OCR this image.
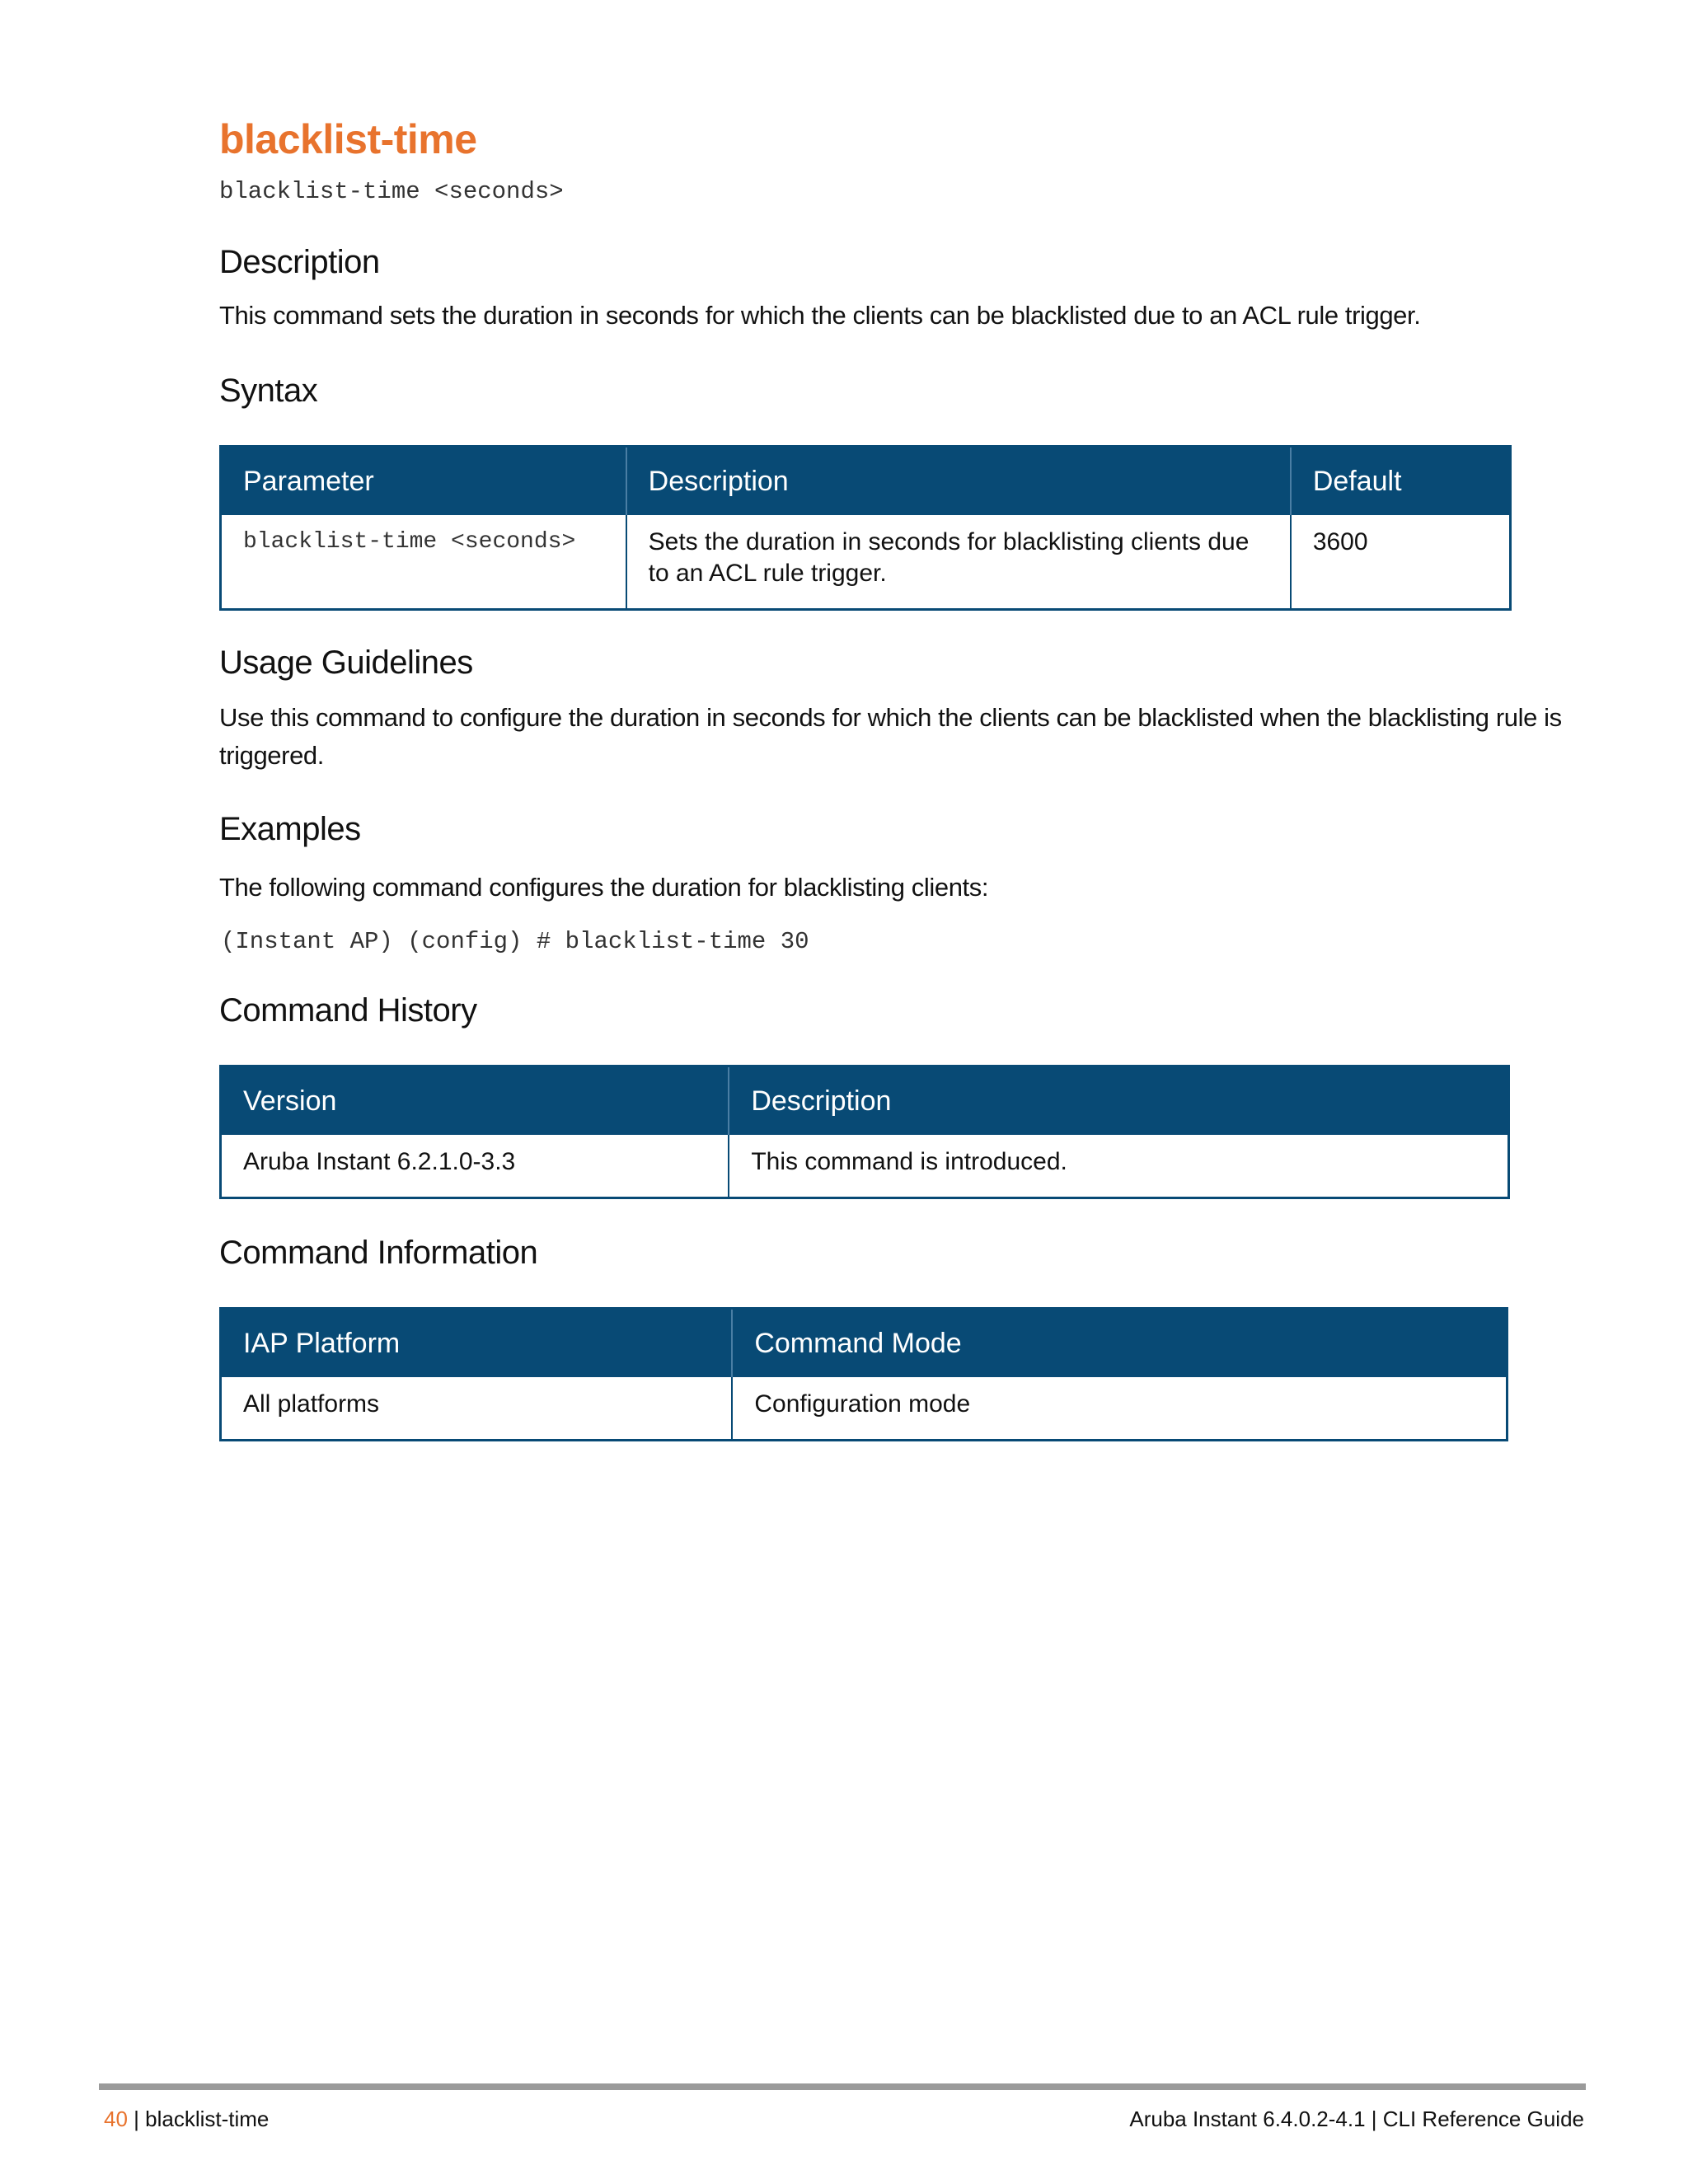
blacklist-time
blacklist-time <seconds>
Description

This command sets the duration in seconds for which the clients can be blacklisted due to an ACL rule trigger.

Syntax
Parameter	Description	Default
blacklist-time <seconds>	Sets the duration in seconds for blacklisting clients due to an ACL rule trigger.	3600
Usage Guidelines

Use this command to configure the duration in seconds for which the clients can be blacklisted when the blacklisting rule is triggered.

Examples

The following command configures the duration for blacklisting clients:

(Instant AP) (config) # blacklist-time 30
Command History
Version	Description
Aruba Instant 6.2.1.0-3.3	This command is introduced.
Command Information
IAP Platform	Command Mode
All platforms	Configuration mode
40 | blacklist-time	Aruba Instant 6.4.0.2-4.1 | CLI Reference Guide
